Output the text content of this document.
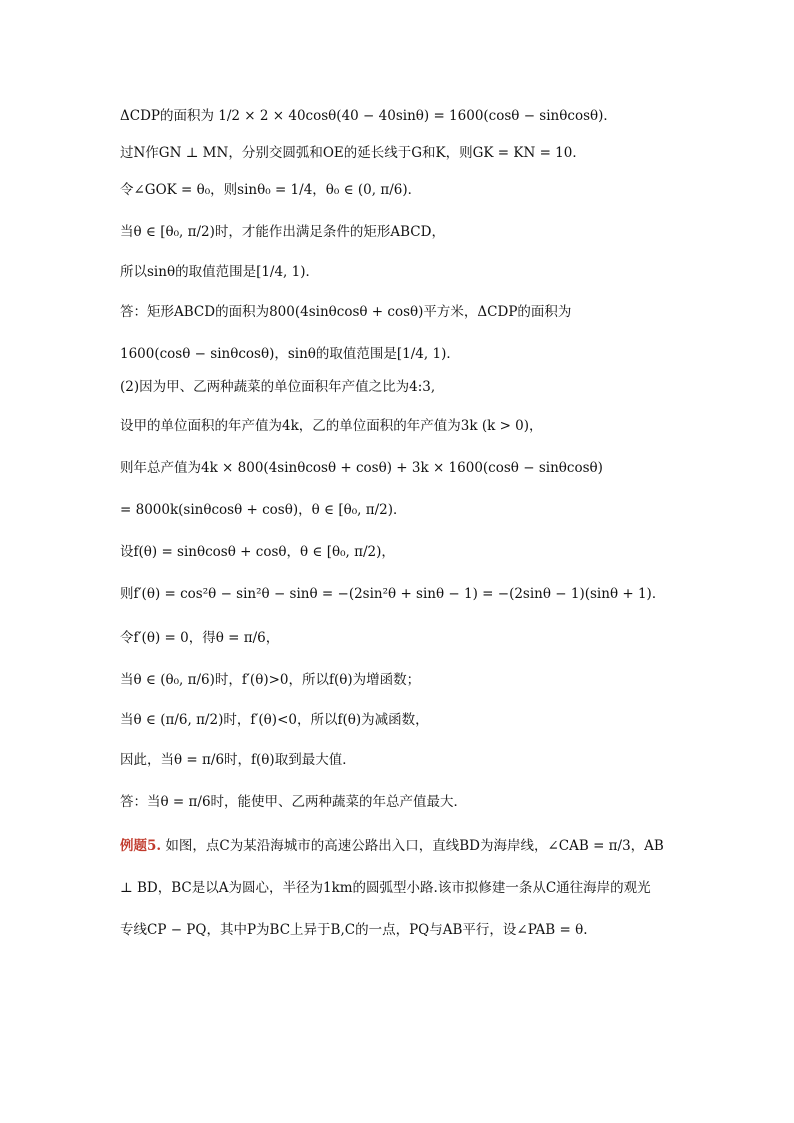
ΔCDP的面积为 1/2 × 2 × 40cosθ(40 − 40sinθ) = 1600(cosθ − sinθcosθ)．
过N作GN ⊥ MN，分别交圆弧和OE的延长线于G和K，则GK = KN = 10．
令∠GOK = θ₀，则sinθ₀ = 1/4，θ₀ ∈ (0, π/6)．
当θ ∈ [θ₀, π/2)时，才能作出满足条件的矩形ABCD，
所以sinθ的取值范围是[1/4, 1)．
答：矩形ABCD的面积为800(4sinθcosθ + cosθ)平方米，ΔCDP的面积为
1600(cosθ − sinθcosθ)，sinθ的取值范围是[1/4, 1)．
(2)因为甲、乙两种蔬菜的单位面积年产值之比为4:3,
设甲的单位面积的年产值为4k，乙的单位面积的年产值为3k (k > 0)，
则年总产值为4k × 800(4sinθcosθ + cosθ) + 3k × 1600(cosθ − sinθcosθ)
= 8000k(sinθcosθ + cosθ)，θ ∈ [θ₀, π/2)．
设f(θ) = sinθcosθ + cosθ，θ ∈ [θ₀, π/2)，
则f′(θ) = cos²θ − sin²θ − sinθ = −(2sin²θ + sinθ − 1) = −(2sinθ − 1)(sinθ + 1)．
令f′(θ) = 0，得θ = π/6，
当θ ∈ (θ₀, π/6)时，f′(θ)>0，所以f(θ)为增函数；
当θ ∈ (π/6, π/2)时，f′(θ)<0，所以f(θ)为减函数，
因此，当θ = π/6时，f(θ)取到最大值．
答：当θ = π/6时，能使甲、乙两种蔬菜的年总产值最大．
例题5. 如图，点C为某沿海城市的高速公路出入口，直线BD为海岸线，∠CAB = π/3，AB
⊥ BD，BC是以A为圆心，半径为1km的圆弧型小路.该市拟修建一条从C通往海岸的观光
专线CP − PQ，其中P为BC上异于B,C的一点，PQ与AB平行，设∠PAB = θ.
